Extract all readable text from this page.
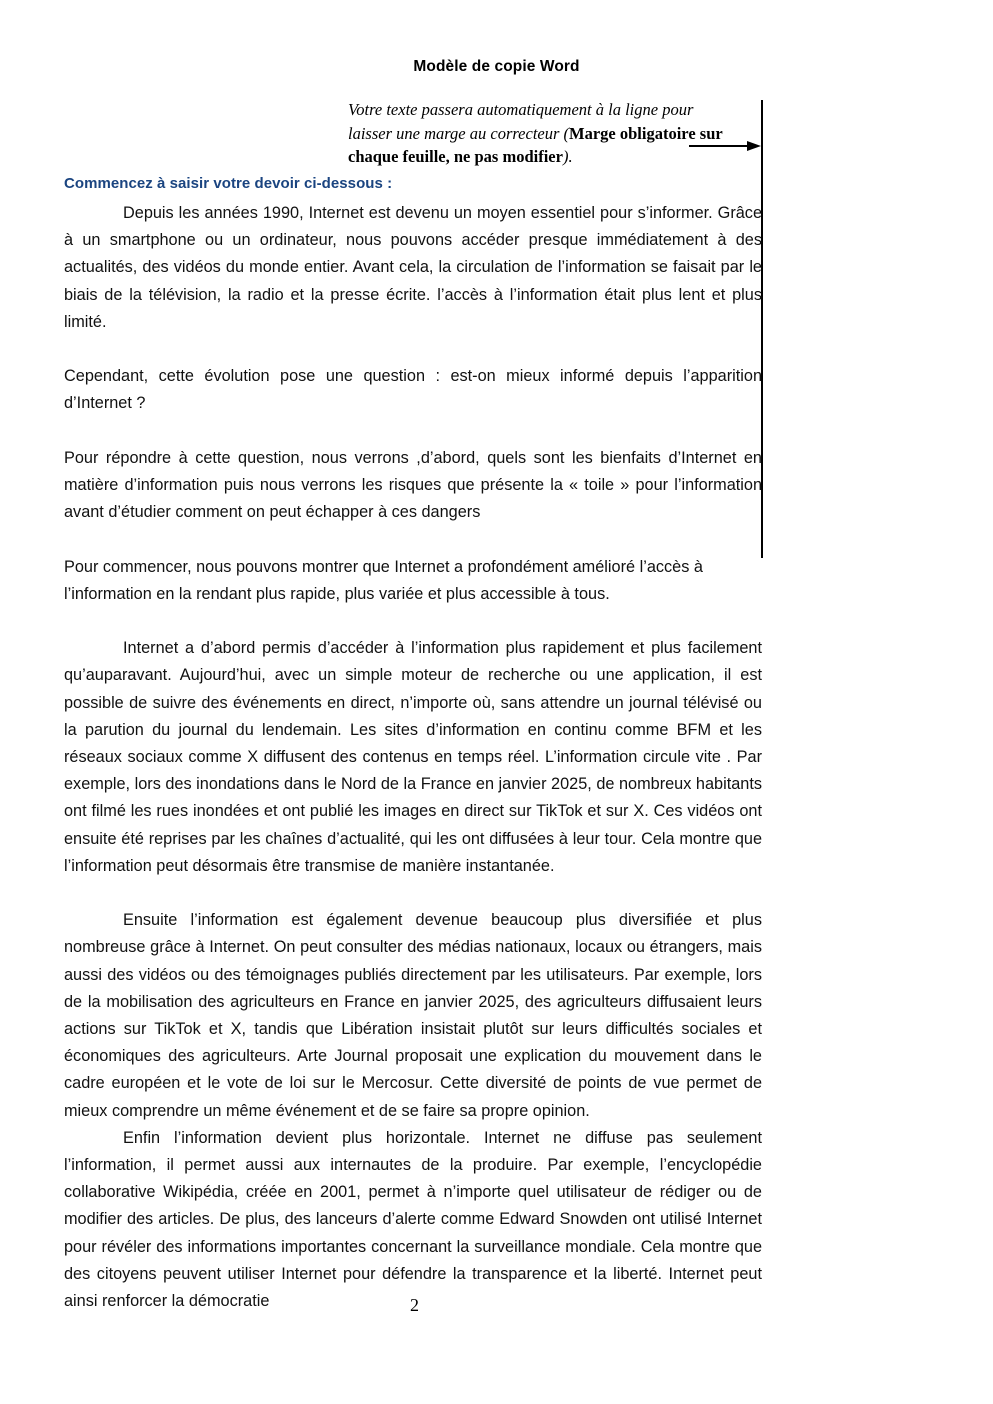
Modèle de copie Word
Votre texte passera automatiquement à la ligne pour laisser une marge au correcteur (Marge obligatoire sur chaque feuille, ne pas modifier).
Commencez à saisir votre devoir ci-dessous :

Depuis les années 1990, Internet est devenu un moyen essentiel pour s’informer. Grâce à un smartphone ou un ordinateur, nous pouvons accéder presque immédiatement à des actualités, des vidéos du monde entier. Avant cela, la circulation de l’information se faisait par le biais de la télévision, la radio et la presse écrite. l’accès à l’information était plus lent et plus limité.

Cependant, cette évolution pose une question : est-on mieux informé depuis l’apparition d’Internet ?

Pour répondre à cette question, nous verrons ,d’abord, quels sont les bienfaits d’Internet en matière d’information puis nous verrons les risques que présente la « toile » pour l’information avant d’étudier comment on peut échapper à ces dangers

Pour commencer, nous pouvons montrer que Internet a profondément amélioré l’accès à l’information en la rendant plus rapide, plus variée et plus accessible à tous.

Internet a d’abord permis d’accéder à l’information plus rapidement et plus facilement qu’auparavant. Aujourd’hui, avec un simple moteur de recherche ou une application, il est possible de suivre des événements en direct, n’importe où, sans attendre un journal télévisé ou la parution du journal du lendemain. Les sites d’information en continu comme BFM et les réseaux sociaux comme X diffusent des contenus en temps réel. L’information circule vite . Par exemple, lors des inondations dans le Nord de la France en janvier 2025, de nombreux habitants ont filmé les rues inondées et ont publié les images en direct sur TikTok et sur X. Ces vidéos ont ensuite été reprises par les chaînes d’actualité, qui les ont diffusées à leur tour. Cela montre que l’information peut désormais être transmise de manière instantanée.

Ensuite l’information est également devenue beaucoup plus diversifiée et plus nombreuse grâce à Internet. On peut consulter des médias nationaux, locaux ou étrangers, mais aussi des vidéos ou des témoignages publiés directement par les utilisateurs. Par exemple, lors de la mobilisation des agriculteurs en France en janvier 2025, des agriculteurs diffusaient leurs actions sur TikTok et X, tandis que Libération insistait plutôt sur leurs difficultés sociales et économiques des agriculteurs. Arte Journal proposait une explication du mouvement dans le cadre européen et le vote de loi sur le Mercosur. Cette diversité de points de vue permet de mieux comprendre un même événement et de se faire sa propre opinion.

Enfin l’information devient plus horizontale. Internet ne diffuse pas seulement l’information, il permet aussi aux internautes de la produire. Par exemple, l’encyclopédie collaborative Wikipédia, créée en 2001, permet à n’importe quel utilisateur de rédiger ou de modifier des articles. De plus, des lanceurs d’alerte comme Edward Snowden ont utilisé Internet pour révéler des informations importantes concernant la surveillance mondiale. Cela montre que des citoyens peuvent utiliser Internet pour défendre la transparence et la liberté. Internet peut ainsi renforcer la démocratie	2
